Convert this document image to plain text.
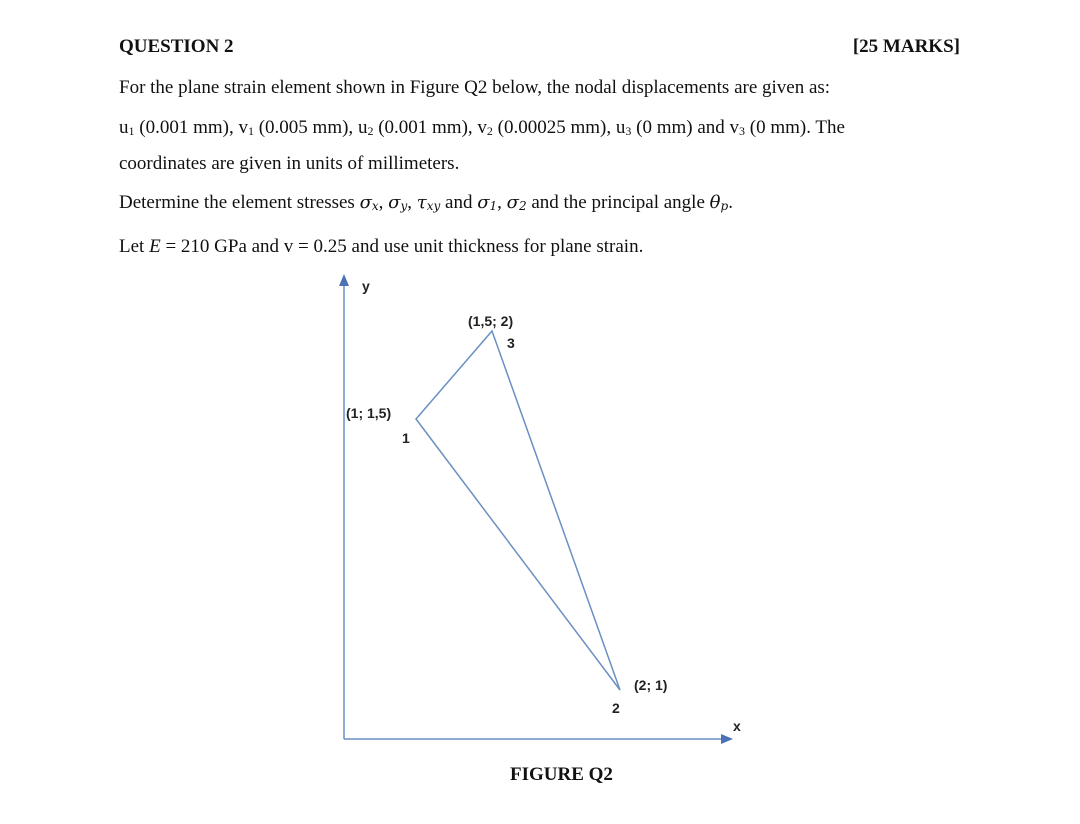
QUESTION 2	[25 MARKS]
For the plane strain element shown in Figure Q2 below, the nodal displacements are given as:
$u_1$ (0.001 mm), $v_1$ (0.005 mm), $u_2$ (0.001 mm), $v_2$ (0.00025 mm), $u_3$ (0 mm) and $v_3$ (0 mm). The
coordinates are given in units of millimeters.
Determine the element stresses $\sigma_x$, $\sigma_y$, $\tau_{xy}$ and $\sigma_1$, $\sigma_2$ and the principal angle $\theta_p$.
Let E = 210 GPa and v = 0.25 and use unit thickness for plane strain.
y
x
(1; 1,5)
1
(2; 1)
2
(1,5; 2)
3
FIGURE Q2
